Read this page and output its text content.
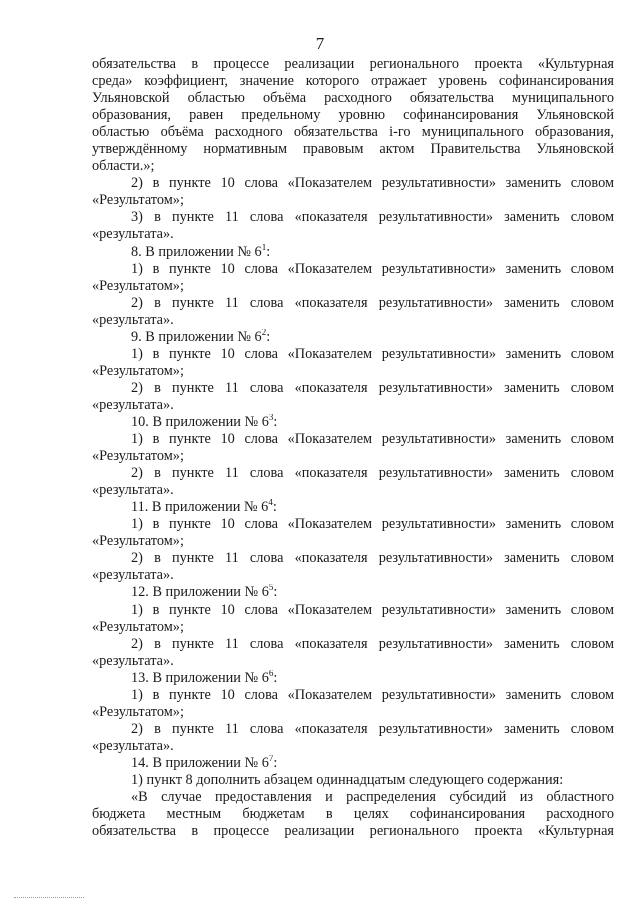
7
обязательства в процессе реализации регионального проекта «Культурная
среда» коэффициент, значение которого отражает уровень софинансирования
Ульяновской областью объёма расходного обязательства муниципального
образования, равен предельному уровню софинансирования Ульяновской
областью объёма расходного обязательства i-го муниципального образования,
утверждённому нормативным правовым актом Правительства Ульяновской
области.»;
2) в пункте 10 слова «Показателем результативности» заменить словом
«Результатом»;
3) в пункте 11 слова «показателя результативности» заменить словом
«результата».
8. В приложении № $6^1$:
1) в пункте 10 слова «Показателем результативности» заменить словом
«Результатом»;
2) в пункте 11 слова «показателя результативности» заменить словом
«результата».
9. В приложении № $6^2$:
1) в пункте 10 слова «Показателем результативности» заменить словом
«Результатом»;
2) в пункте 11 слова «показателя результативности» заменить словом
«результата».
10. В приложении № $6^3$:
1) в пункте 10 слова «Показателем результативности» заменить словом
«Результатом»;
2) в пункте 11 слова «показателя результативности» заменить словом
«результата».
11. В приложении № $6^4$:
1) в пункте 10 слова «Показателем результативности» заменить словом
«Результатом»;
2) в пункте 11 слова «показателя результативности» заменить словом
«результата».
12. В приложении № $6^5$:
1) в пункте 10 слова «Показателем результативности» заменить словом
«Результатом»;
2) в пункте 11 слова «показателя результативности» заменить словом
«результата».
13. В приложении № $6^6$:
1) в пункте 10 слова «Показателем результативности» заменить словом
«Результатом»;
2) в пункте 11 слова «показателя результативности» заменить словом
«результата».
14. В приложении № $6^7$:
1) пункт 8 дополнить абзацем одиннадцатым следующего содержания:
«В случае предоставления и распределения субсидий из областного
бюджета местным бюджетам в целях софинансирования расходного
обязательства в процессе реализации регионального проекта «Культурная
